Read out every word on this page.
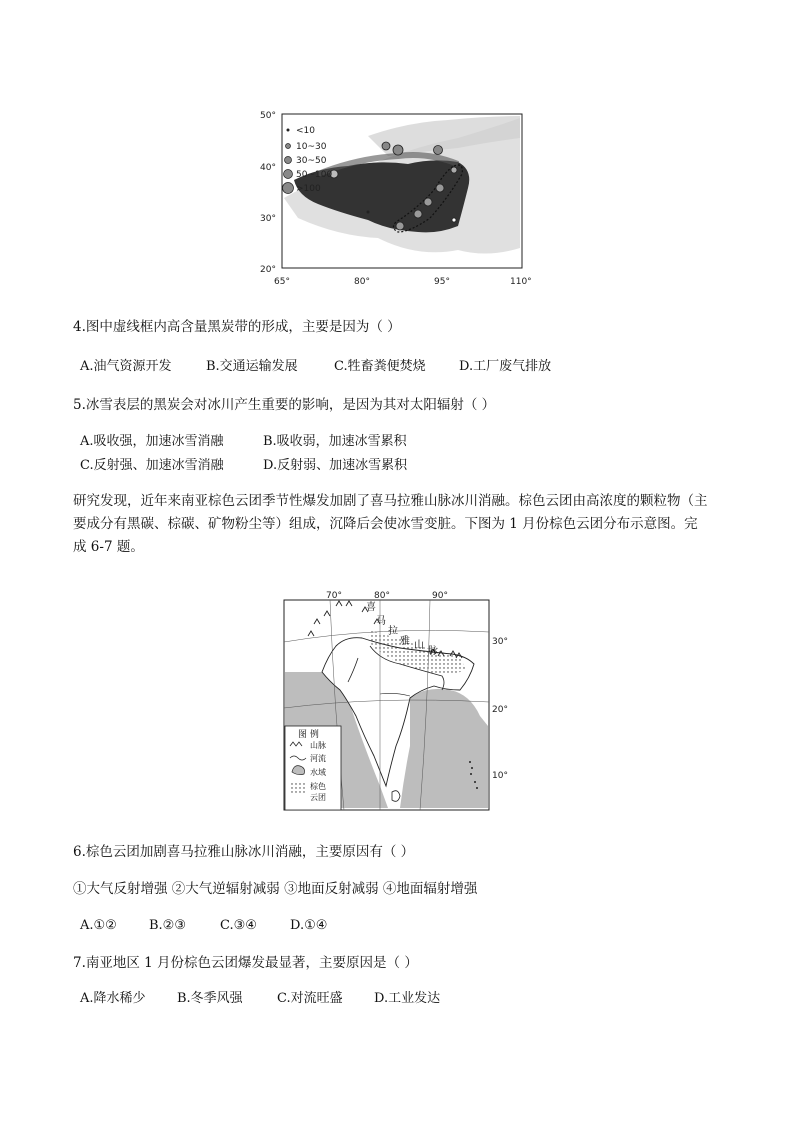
<10
10~30
30~50
50~100
>100
50°
40°
30°
20°
65°	80°	95°	110°
4.图中虚线框内高含量黑炭带的形成，主要是因为（ ）
A.油气资源开发	B.交通运输发展	C.牲畜粪便焚烧	D.工厂废气排放
5.冰雪表层的黑炭会对冰川产生重要的影响，是因为其对太阳辐射（ ）
A.吸收强，加速冰雪消融	B.吸收弱，加速冰雪累积
C.反射强、加速冰雪消融	D.反射弱、加速冰雪累积
研究发现，近年来南亚棕色云团季节性爆发加剧了喜马拉雅山脉冰川消融。棕色云团由高浓度的颗粒物（主
要成分有黑碳、棕碳、矿物粉尘等）组成，沉降后会使冰雪变脏。下图为 1 月份棕色云团分布示意图。完
成 6-7 题。
70°	80°	90°
30°
20°
10°
喜
马
拉
雅 山
脉
图 例
山脉
河流
水域
棕色
云团
6.棕色云团加剧喜马拉雅山脉冰川消融，主要原因有（ ）
①大气反射增强 ②大气逆辐射减弱 ③地面反射减弱 ④地面辐射增强
A.①② B.②③	C.③④	D.①④
7.南亚地区 1 月份棕色云团爆发最显著，主要原因是（ ）
A.降水稀少 B.冬季风强	C.对流旺盛 D.工业发达
